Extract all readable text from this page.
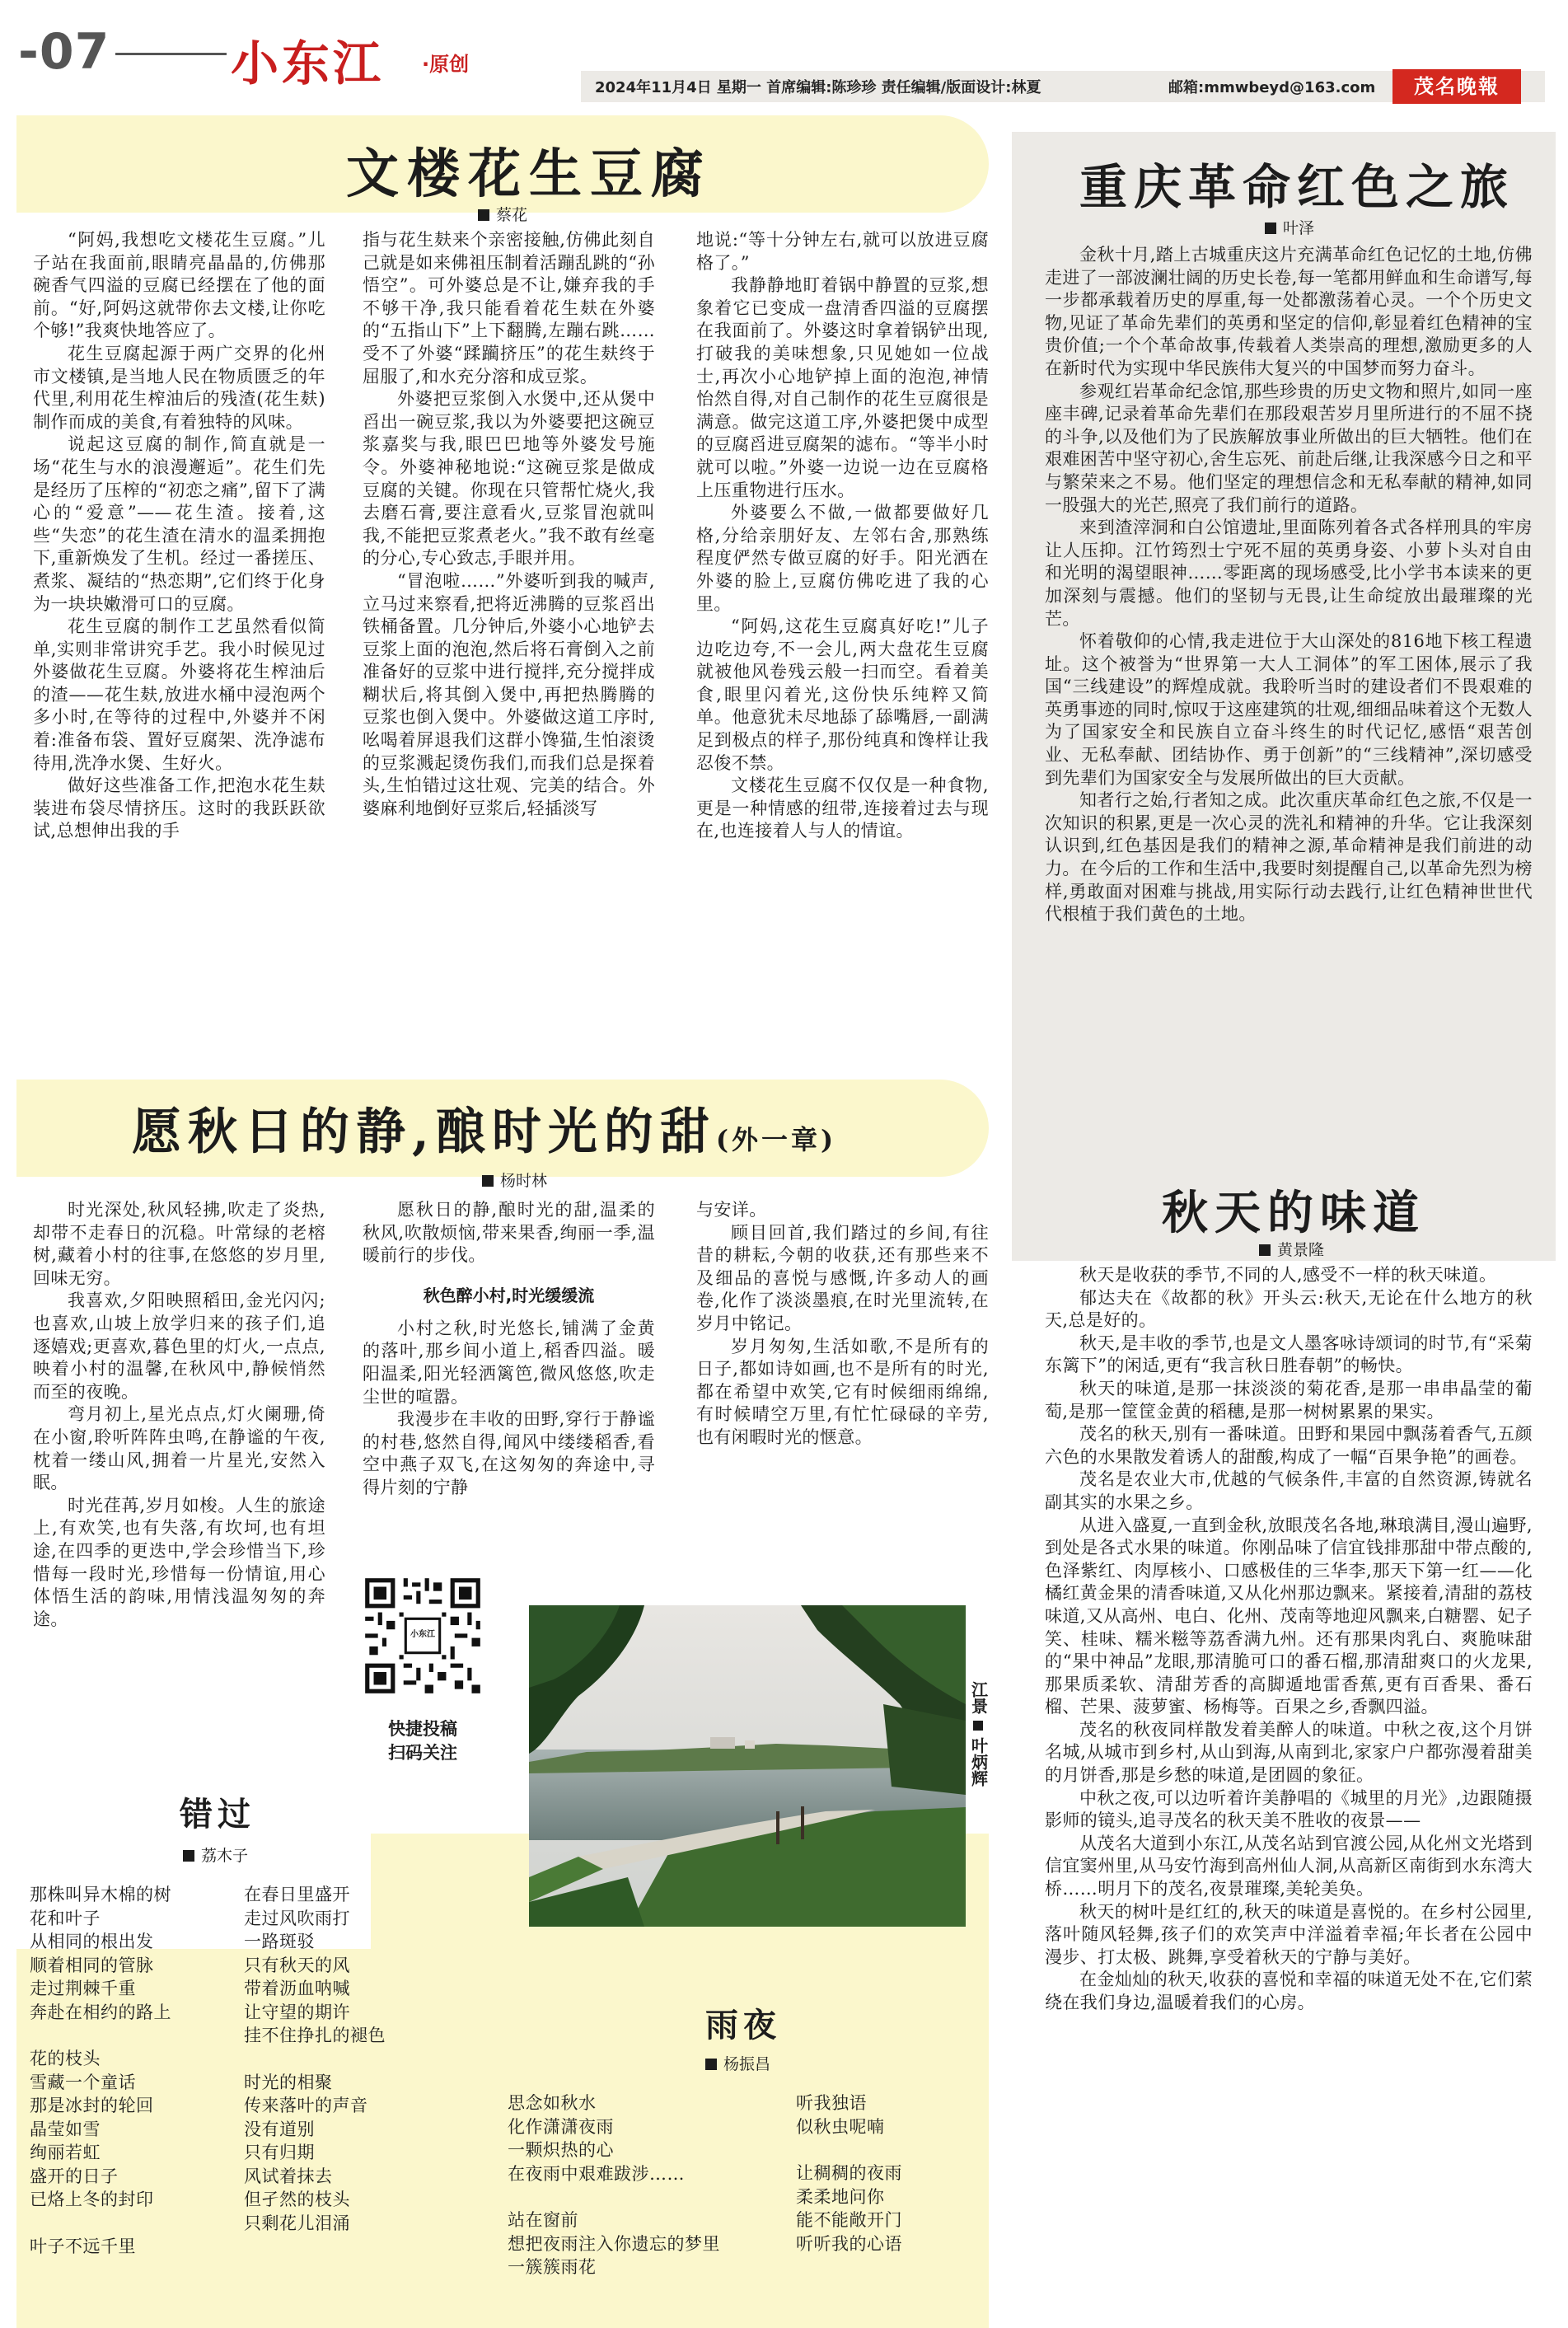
-07	小东江 ·原创
2024年11月4日 星期一 首席编辑:陈珍珍 责任编辑/版面设计:林夏	邮箱:mmwbeyd@163.com	茂名晚報
文楼花生豆腐
蔡花

“阿妈,我想吃文楼花生豆腐。”儿子站在我面前,眼睛亮晶晶的,仿佛那碗香气四溢的豆腐已经摆在了他的面前。“好,阿妈这就带你去文楼,让你吃个够!”我爽快地答应了。

花生豆腐起源于两广交界的化州市文楼镇,是当地人民在物质匮乏的年代里,利用花生榨油后的残渣(花生麸)制作而成的美食,有着独特的风味。

说起这豆腐的制作,简直就是一场“花生与水的浪漫邂逅”。花生们先是经历了压榨的“初恋之痛”,留下了满心的“爱意”——花生渣。接着,这些“失恋”的花生渣在清水的温柔拥抱下,重新焕发了生机。经过一番搓压、煮浆、凝结的“热恋期”,它们终于化身为一块块嫩滑可口的豆腐。

花生豆腐的制作工艺虽然看似简单,实则非常讲究手艺。我小时候见过外婆做花生豆腐。外婆将花生榨油后的渣——花生麸,放进水桶中浸泡两个多小时,在等待的过程中,外婆并不闲着:准备布袋、置好豆腐架、洗净滤布待用,洗净水煲、生好火。

做好这些准备工作,把泡水花生麸装进布袋尽情挤压。这时的我跃跃欲试,总想伸出我的手

指与花生麸来个亲密接触,仿佛此刻自己就是如来佛祖压制着活蹦乱跳的“孙悟空”。可外婆总是不让,嫌弃我的手不够干净,我只能看着花生麸在外婆的“五指山下”上下翻腾,左蹦右跳……受不了外婆“蹂躏挤压”的花生麸终于屈服了,和水充分溶和成豆浆。

外婆把豆浆倒入水煲中,还从煲中舀出一碗豆浆,我以为外婆要把这碗豆浆嘉奖与我,眼巴巴地等外婆发号施令。外婆神秘地说:“这碗豆浆是做成豆腐的关键。你现在只管帮忙烧火,我去磨石膏,要注意看火,豆浆冒泡就叫我,不能把豆浆煮老火。”我不敢有丝毫的分心,专心致志,手眼并用。

“冒泡啦……”外婆听到我的喊声,立马过来察看,把将近沸腾的豆浆舀出铁桶备置。几分钟后,外婆小心地铲去豆浆上面的泡泡,然后将石膏倒入之前准备好的豆浆中进行搅拌,充分搅拌成糊状后,将其倒入煲中,再把热腾腾的豆浆也倒入煲中。外婆做这道工序时,吆喝着屏退我们这群小馋猫,生怕滚烫的豆浆溅起烫伤我们,而我们总是探着头,生怕错过这壮观、完美的结合。外婆麻利地倒好豆浆后,轻插淡写

地说:“等十分钟左右,就可以放进豆腐格了。”

我静静地盯着锅中静置的豆浆,想象着它已变成一盘清香四溢的豆腐摆在我面前了。外婆这时拿着锅铲出现,打破我的美味想象,只见她如一位战士,再次小心地铲掉上面的泡泡,神情怡然自得,对自己制作的花生豆腐很是满意。做完这道工序,外婆把煲中成型的豆腐舀进豆腐架的滤布。“等半小时就可以啦。”外婆一边说一边在豆腐格上压重物进行压水。

外婆要么不做,一做都要做好几格,分给亲朋好友、左邻右舍,那熟练程度俨然专做豆腐的好手。阳光洒在外婆的脸上,豆腐仿佛吃进了我的心里。

“阿妈,这花生豆腐真好吃!”儿子边吃边夸,不一会儿,两大盘花生豆腐就被他风卷残云般一扫而空。看着美食,眼里闪着光,这份快乐纯粹又简单。他意犹未尽地舔了舔嘴唇,一副满足到极点的样子,那份纯真和馋样让我忍俊不禁。

文楼花生豆腐不仅仅是一种食物,更是一种情感的纽带,连接着过去与现在,也连接着人与人的情谊。

重庆革命红色之旅
叶泽

金秋十月,踏上古城重庆这片充满革命红色记忆的土地,仿佛走进了一部波澜壮阔的历史长卷,每一笔都用鲜血和生命谱写,每一步都承载着历史的厚重,每一处都激荡着心灵。一个个历史文物,见证了革命先辈们的英勇和坚定的信仰,彰显着红色精神的宝贵价值;一个个革命故事,传载着人类崇高的理想,激励更多的人在新时代为实现中华民族伟大复兴的中国梦而努力奋斗。

参观红岩革命纪念馆,那些珍贵的历史文物和照片,如同一座座丰碑,记录着革命先辈们在那段艰苦岁月里所进行的不屈不挠的斗争,以及他们为了民族解放事业所做出的巨大牺牲。他们在艰难困苦中坚守初心,舍生忘死、前赴后继,让我深感今日之和平与繁荣来之不易。他们坚定的理想信念和无私奉献的精神,如同一股强大的光芒,照亮了我们前行的道路。

来到渣滓洞和白公馆遗址,里面陈列着各式各样刑具的牢房让人压抑。江竹筠烈士宁死不屈的英勇身姿、小萝卜头对自由和光明的渴望眼神……零距离的现场感受,比小学书本读来的更加深刻与震撼。他们的坚韧与无畏,让生命绽放出最璀璨的光芒。

怀着敬仰的心情,我走进位于大山深处的816地下核工程遗址。这个被誉为“世界第一大人工洞体”的军工困体,展示了我国“三线建设”的辉煌成就。我聆听当时的建设者们不畏艰难的英勇事迹的同时,惊叹于这座建筑的壮观,细细品味着这个无数人为了国家安全和民族自立奋斗终生的时代记忆,感悟“艰苦创业、无私奉献、团结协作、勇于创新”的“三线精神”,深切感受到先辈们为国家安全与发展所做出的巨大贡献。

知者行之始,行者知之成。此次重庆革命红色之旅,不仅是一次知识的积累,更是一次心灵的洗礼和精神的升华。它让我深刻认识到,红色基因是我们的精神之源,革命精神是我们前进的动力。在今后的工作和生活中,我要时刻提醒自己,以革命先烈为榜样,勇敢面对困难与挑战,用实际行动去践行,让红色精神世世代代根植于我们黄色的土地。

愿秋日的静,酿时光的甜(外一章)
杨时林

时光深处,秋风轻拂,吹走了炎热,却带不走春日的沉稳。叶常绿的老榕树,藏着小村的往事,在悠悠的岁月里,回味无穷。

我喜欢,夕阳映照稻田,金光闪闪;也喜欢,山坡上放学归来的孩子们,追逐嬉戏;更喜欢,暮色里的灯火,一点点,映着小村的温馨,在秋风中,静候悄然而至的夜晚。

弯月初上,星光点点,灯火阑珊,倚在小窗,聆听阵阵虫鸣,在静谧的午夜,枕着一缕山风,拥着一片星光,安然入眠。

时光荏苒,岁月如梭。人生的旅途上,有欢笑,也有失落,有坎坷,也有坦途,在四季的更迭中,学会珍惜当下,珍惜每一段时光,珍惜每一份情谊,用心体悟生活的韵味,用情浅温匆匆的奔途。

愿秋日的静,酿时光的甜,温柔的秋风,吹散烦恼,带来果香,绚丽一季,温暖前行的步伐。

秋色醉小村,时光缓缓流

小村之秋,时光悠长,铺满了金黄的落叶,那乡间小道上,稻香四溢。暖阳温柔,阳光轻洒篱笆,微风悠悠,吹走尘世的喧嚣。

我漫步在丰收的田野,穿行于静谧的村巷,悠然自得,闻风中缕缕稻香,看空中燕子双飞,在这匆匆的奔途中,寻得片刻的宁静

与安详。

顾目回首,我们踏过的乡间,有往昔的耕耘,今朝的收获,还有那些来不及细品的喜悦与感慨,许多动人的画卷,化作了淡淡墨痕,在时光里流转,在岁月中铭记。

岁月匆匆,生活如歌,不是所有的日子,都如诗如画,也不是所有的时光,都在希望中欢笑,它有时候细雨绵绵,有时候晴空万里,有忙忙碌碌的辛劳,也有闲暇时光的惬意。

小东江
快捷投稿
扫码关注
江景
叶炳辉
秋天的味道
黄景隆

秋天是收获的季节,不同的人,感受不一样的秋天味道。

郁达夫在《故都的秋》开头云:秋天,无论在什么地方的秋天,总是好的。

秋天,是丰收的季节,也是文人墨客咏诗颂词的时节,有“采菊东篱下”的闲适,更有“我言秋日胜春朝”的畅快。

秋天的味道,是那一抹淡淡的菊花香,是那一串串晶莹的葡萄,是那一筐筐金黄的稻穗,是那一树树累累的果实。

茂名的秋天,别有一番味道。田野和果园中飘荡着香气,五颜六色的水果散发着诱人的甜酸,构成了一幅“百果争艳”的画卷。

茂名是农业大市,优越的气候条件,丰富的自然资源,铸就名副其实的水果之乡。

从进入盛夏,一直到金秋,放眼茂名各地,琳琅满目,漫山遍野,到处是各式水果的味道。你刚品味了信宜钱排那甜中带点酸的,色泽紫红、肉厚核小、口感极佳的三华李,那天下第一红——化橘红黄金果的清香味道,又从化州那边飘来。紧接着,清甜的荔枝味道,又从高州、电白、化州、茂南等地迎风飘来,白糖罂、妃子笑、桂味、糯米糍等荔香满九州。还有那果肉乳白、爽脆味甜的“果中神品”龙眼,那清脆可口的番石榴,那清甜爽口的火龙果,那果质柔软、清甜芳香的高脚遁地雷香蕉,更有百香果、番石榴、芒果、菠萝蜜、杨梅等。百果之乡,香飘四溢。

茂名的秋夜同样散发着美醉人的味道。中秋之夜,这个月饼名城,从城市到乡村,从山到海,从南到北,家家户户都弥漫着甜美的月饼香,那是乡愁的味道,是团圆的象征。

中秋之夜,可以边听着许美静唱的《城里的月光》,边跟随摄影师的镜头,追寻茂名的秋天美不胜收的夜景——

从茂名大道到小东江,从茂名站到官渡公园,从化州文光塔到信宜窦州里,从马安竹海到高州仙人洞,从高新区南街到水东湾大桥……明月下的茂名,夜景璀璨,美轮美奂。

秋天的树叶是红红的,秋天的味道是喜悦的。在乡村公园里,落叶随风轻舞,孩子们的欢笑声中洋溢着幸福;年长者在公园中漫步、打太极、跳舞,享受着秋天的宁静与美好。

在金灿灿的秋天,收获的喜悦和幸福的味道无处不在,它们萦绕在我们身边,温暖着我们的心房。

错过
荔木子

那株叫异木棉的树

花和叶子

从相同的根出发

顺着相同的管脉

走过荆棘千重

奔赴在相约的路上

花的枝头

雪藏一个童话

那是冰封的轮回

晶莹如雪

绚丽若虹

盛开的日子

已烙上冬的封印

叶子不远千里

在春日里盛开

走过风吹雨打

一路斑驳

只有秋天的风

带着沥血呐喊

让守望的期许

挂不住挣扎的褪色

时光的相聚

传来落叶的声音

没有道别

只有归期

风试着抹去

但孑然的枝头

只剩花儿泪涌

雨夜
杨振昌

思念如秋水

化作潇潇夜雨

一颗炽热的心

在夜雨中艰难跋涉……

站在窗前

想把夜雨注入你遗忘的梦里

一簇簇雨花

听我独语

似秋虫呢喃

让稠稠的夜雨

柔柔地问你

能不能敞开门

听听我的心语
